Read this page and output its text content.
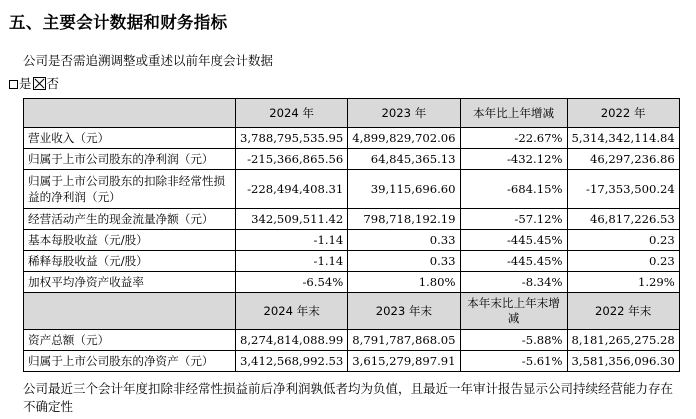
五、主要会计数据和财务指标
公司是否需追溯调整或重述以前年度会计数据
是 否
	2024 年	2023 年	本年比上年增减	2022 年
营业收入（元）	3,788,795,535.95	4,899,829,702.06	-22.67%	5,314,342,114.84
归属于上市公司股东的净利润（元）	-215,366,865.56	64,845,365.13	-432.12%	46,297,236.86
归属于上市公司股东的扣除非经常性损益的净利润（元）	-228,494,408.31	39,115,696.60	-684.15%	-17,353,500.24
经营活动产生的现金流量净额（元）	342,509,511.42	798,718,192.19	-57.12%	46,817,226.53
基本每股收益（元/股）	-1.14	0.33	-445.45%	0.23
稀释每股收益（元/股）	-1.14	0.33	-445.45%	0.23
加权平均净资产收益率	-6.54%	1.80%	-8.34%	1.29%
	2024 年末	2023 年末	本年末比上年末增减	2022 年末
资产总额（元）	8,274,814,088.99	8,791,787,868.05	-5.88%	8,181,265,275.28
归属于上市公司股东的净资产（元）	3,412,568,992.53	3,615,279,897.91	-5.61%	3,581,356,096.30
公司最近三个会计年度扣除非经常性损益前后净利润孰低者均为负值，且最近一年审计报告显示公司持续经营能力存在不确定性
